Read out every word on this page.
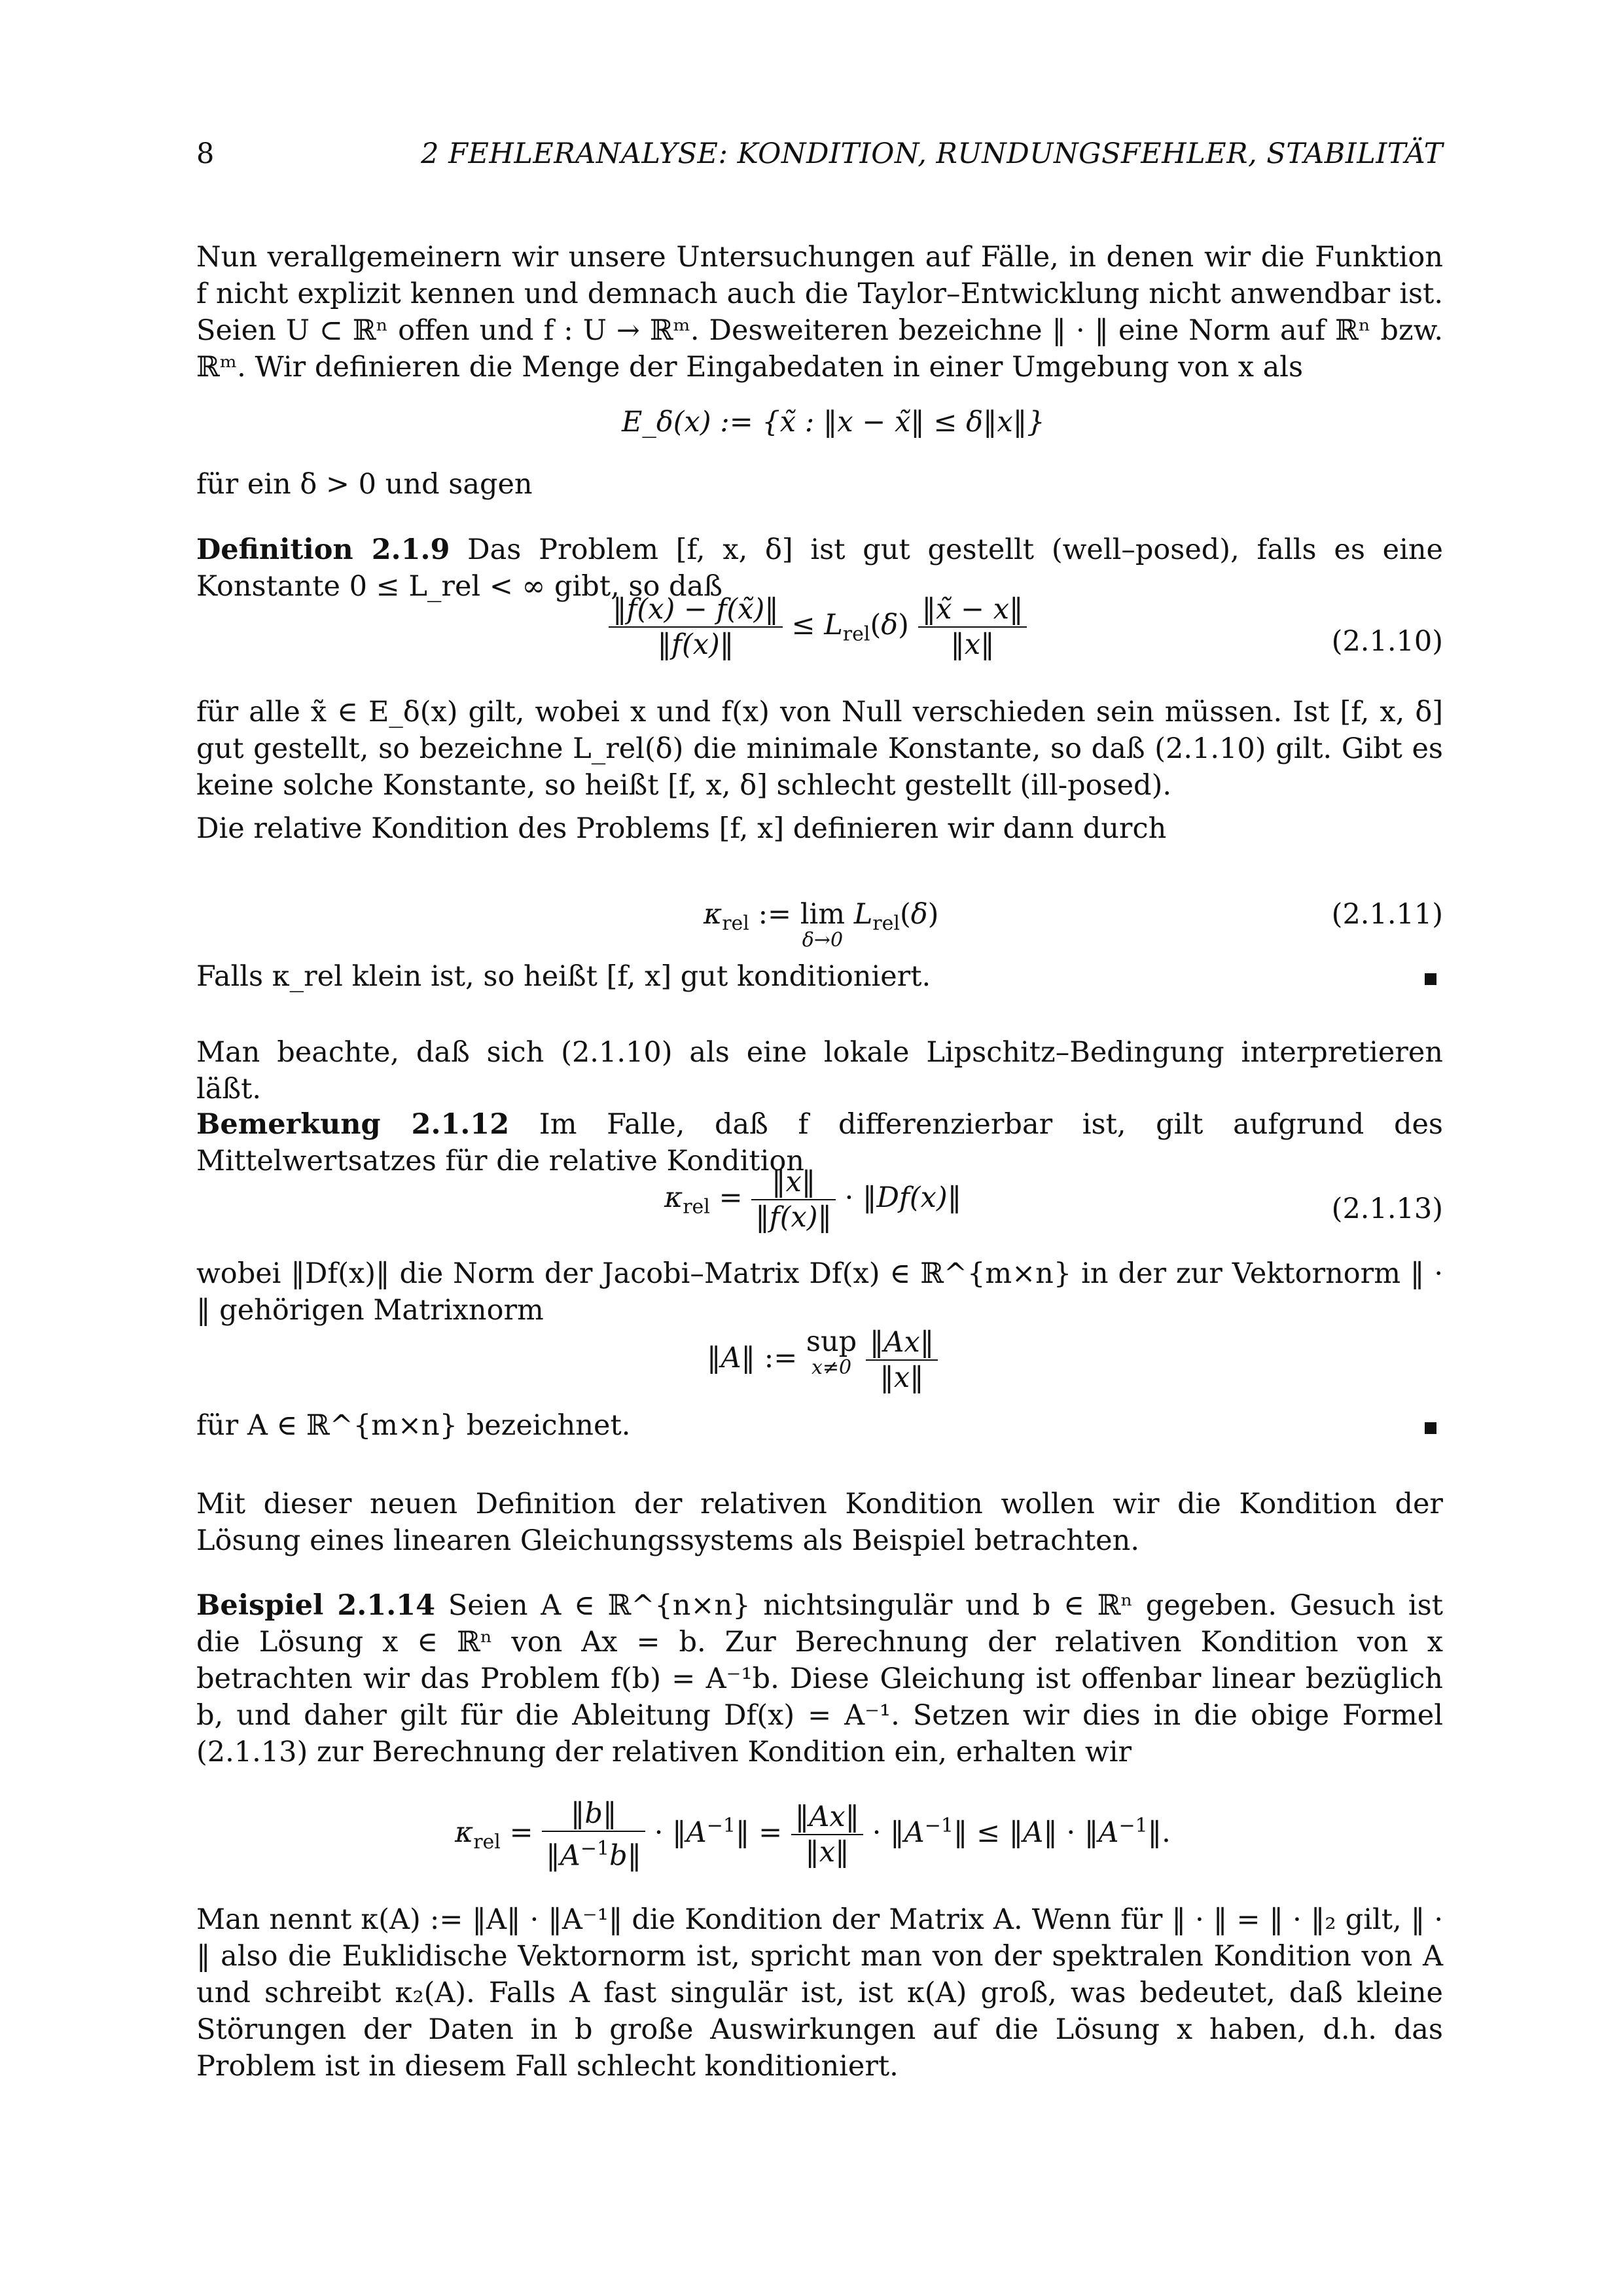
8	2 FEHLERANALYSE: KONDITION, RUNDUNGSFEHLER, STABILITÄT
Nun verallgemeinern wir unsere Untersuchungen auf Fälle, in denen wir die Funktion f nicht explizit kennen und demnach auch die Taylor–Entwicklung nicht anwendbar ist. Seien U ⊂ ℝⁿ offen und f : U → ℝᵐ. Desweiteren bezeichne ‖ · ‖ eine Norm auf ℝⁿ bzw. ℝᵐ. Wir definieren die Menge der Eingabedaten in einer Umgebung von x als
E_δ(x) := {x̃ : ‖x − x̃‖ ≤ δ‖x‖}
für ein δ > 0 und sagen
Definition 2.1.9 Das Problem [f, x, δ] ist gut gestellt (well–posed), falls es eine Konstante 0 ≤ L_rel < ∞ gibt, so daß
$\frac{‖f(x) - f(x̃)‖}{‖f(x)‖} \le L_{rel}(\delta) \frac{‖x̃ - x‖}{‖x‖}$	(2.1.10)
für alle x̃ ∈ E_δ(x) gilt, wobei x und f(x) von Null verschieden sein müssen. Ist [f, x, δ] gut gestellt, so bezeichne L_rel(δ) die minimale Konstante, so daß (2.1.10) gilt. Gibt es keine solche Konstante, so heißt [f, x, δ] schlecht gestellt (ill-posed).
Die relative Kondition des Problems [f, x] definieren wir dann durch
$\kappa_{rel}$ := lim
δ→0
$L_{rel}(\delta)$	(2.1.11)
Falls κ_rel klein ist, so heißt [f, x] gut konditioniert.
Man beachte, daß sich (2.1.10) als eine lokale Lipschitz–Bedingung interpretieren läßt.
Bemerkung 2.1.12 Im Falle, daß f differenzierbar ist, gilt aufgrund des Mittelwertsatzes für die relative Kondition
$\kappa_{rel} = \frac{‖x‖}{‖f(x)‖}$ · ‖Df(x)‖	(2.1.13)
wobei ‖Df(x)‖ die Norm der Jacobi–Matrix Df(x) ∈ ℝ^{m×n} in der zur Vektornorm ‖ · ‖ gehörigen Matrixnorm
‖A‖ := sup
x≠0
$\frac{‖Ax‖}{‖x‖}$
für A ∈ ℝ^{m×n} bezeichnet.
Mit dieser neuen Definition der relativen Kondition wollen wir die Kondition der Lösung eines linearen Gleichungssystems als Beispiel betrachten.
Beispiel 2.1.14 Seien A ∈ ℝ^{n×n} nichtsingulär und b ∈ ℝⁿ gegeben. Gesuch ist die Lösung x ∈ ℝⁿ von Ax = b. Zur Berechnung der relativen Kondition von x betrachten wir das Problem f(b) = A⁻¹b. Diese Gleichung ist offenbar linear bezüglich b, und daher gilt für die Ableitung Df(x) = A⁻¹. Setzen wir dies in die obige Formel (2.1.13) zur Berechnung der relativen Kondition ein, erhalten wir
$\kappa_{rel} = \frac{‖b‖}{‖A^{-1}b‖}$ · $‖A^{-1}‖ = \frac{‖Ax‖}{‖x‖}$ · $‖A^{-1}‖$ ≤ ‖A‖ · $‖A^{-1}‖$.
Man nennt κ(A) := ‖A‖ · ‖A⁻¹‖ die Kondition der Matrix A. Wenn für ‖ · ‖ = ‖ · ‖₂ gilt, ‖ · ‖ also die Euklidische Vektornorm ist, spricht man von der spektralen Kondition von A und schreibt κ₂(A). Falls A fast singulär ist, ist κ(A) groß, was bedeutet, daß kleine Störungen der Daten in b große Auswirkungen auf die Lösung x haben, d.h. das Problem ist in diesem Fall schlecht konditioniert.
